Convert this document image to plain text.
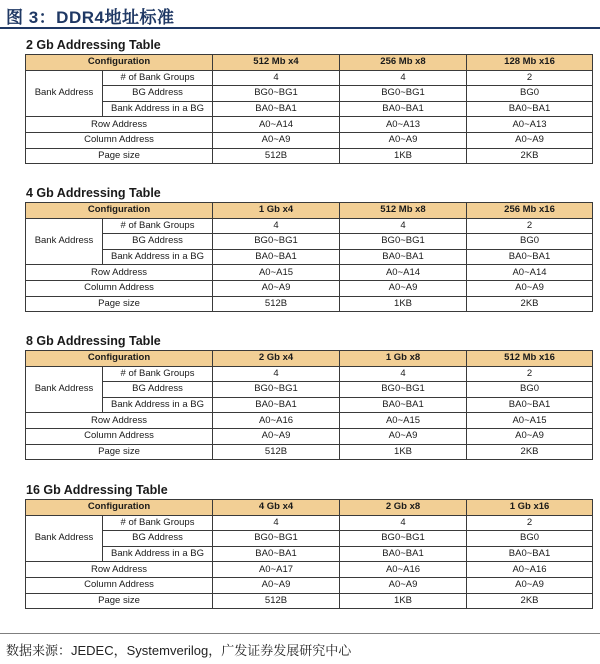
图 3：DDR4地址标准
2 Gb Addressing Table
Configuration		512 Mb x4	256 Mb x8	128 Mb x16
Bank Address	# of Bank Groups	4	4	2
	BG Address	BG0~BG1	BG0~BG1	BG0
	Bank Address in a BG	BA0~BA1	BA0~BA1	BA0~BA1
Row Address		A0~A14	A0~A13	A0~A13
Column Address		A0~A9	A0~A9	A0~A9
Page size		512B	1KB	2KB
4 Gb Addressing Table
Configuration		1 Gb x4	512 Mb x8	256 Mb x16
Bank Address	# of Bank Groups	4	4	2
	BG Address	BG0~BG1	BG0~BG1	BG0
	Bank Address in a BG	BA0~BA1	BA0~BA1	BA0~BA1
Row Address		A0~A15	A0~A14	A0~A14
Column Address		A0~A9	A0~A9	A0~A9
Page size		512B	1KB	2KB
8 Gb Addressing Table
Configuration		2 Gb x4	1 Gb x8	512 Mb x16
Bank Address	# of Bank Groups	4	4	2
	BG Address	BG0~BG1	BG0~BG1	BG0
	Bank Address in a BG	BA0~BA1	BA0~BA1	BA0~BA1
Row Address		A0~A16	A0~A15	A0~A15
Column Address		A0~A9	A0~A9	A0~A9
Page size		512B	1KB	2KB
16 Gb Addressing Table
Configuration		4 Gb x4	2 Gb x8	1 Gb x16
Bank Address	# of Bank Groups	4	4	2
	BG Address	BG0~BG1	BG0~BG1	BG0
	Bank Address in a BG	BA0~BA1	BA0~BA1	BA0~BA1
Row Address		A0~A17	A0~A16	A0~A16
Column Address		A0~A9	A0~A9	A0~A9
Page size		512B	1KB	2KB
数据来源：JEDEC，Systemverilog，广发证券发展研究中心
